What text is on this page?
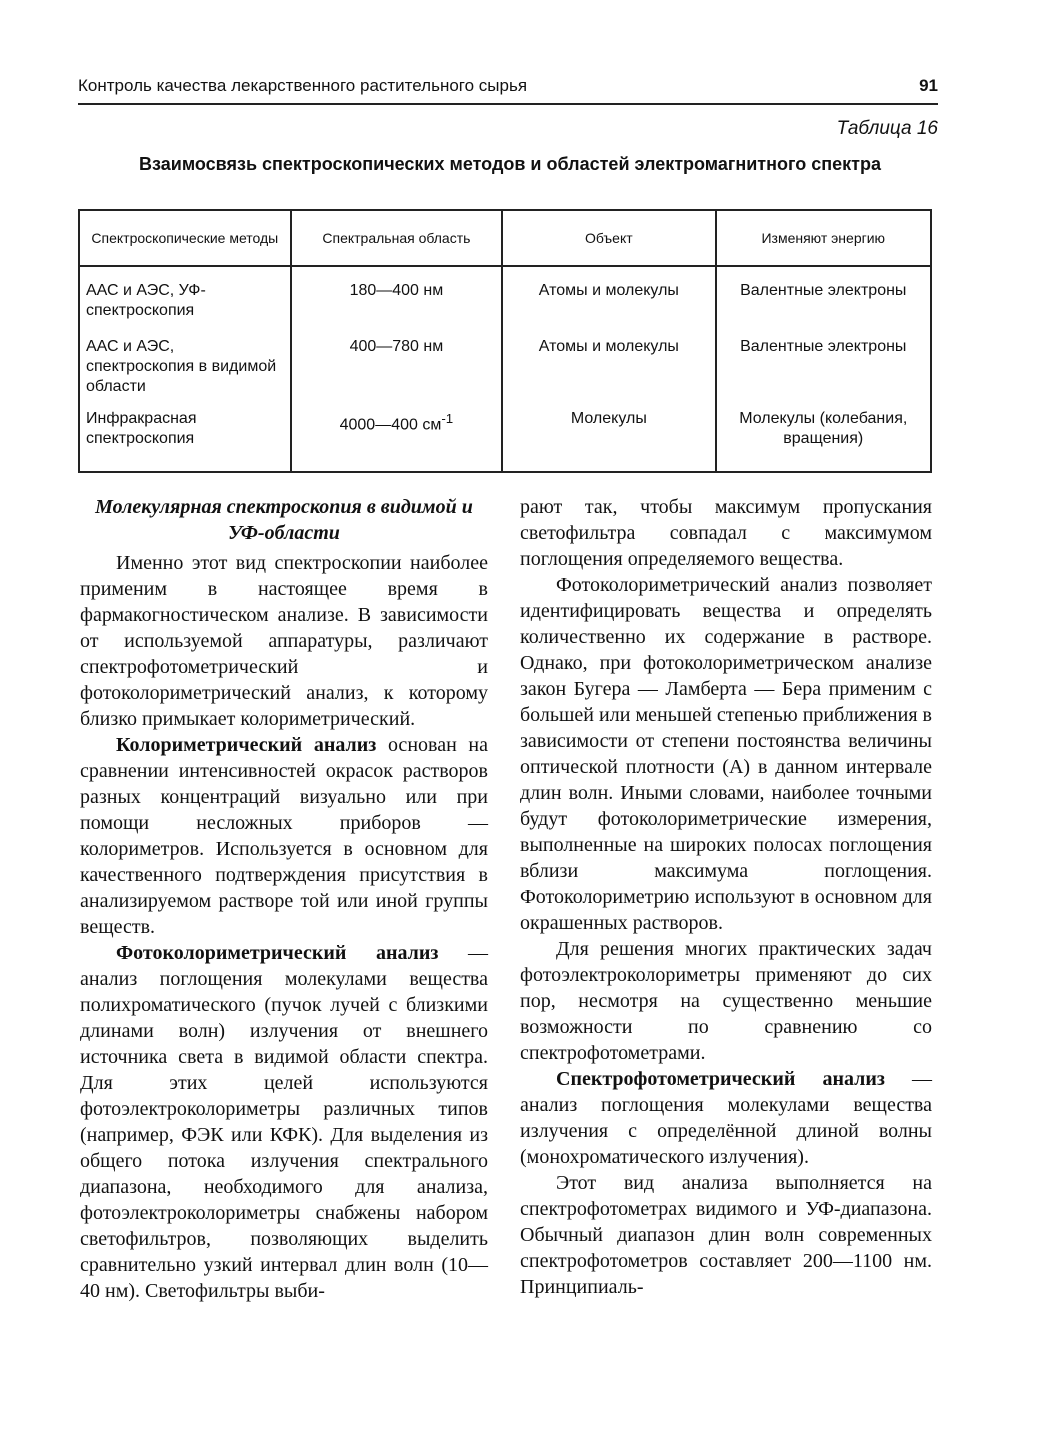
Контроль качества лекарственного растительного сырья	91
Таблица 16
Взаимосвязь спектроскопических методов и областей электромагнитного спектра
Спектроскопические методы	Спектральная область	Объект	Изменяют энергию
ААС и АЭС, УФ-спектроскопия	180—400 нм	Атомы и молекулы	Валентные электроны
ААС и АЭС, спектроскопия в видимой области	400—780 нм	Атомы и молекулы	Валентные электроны
Инфракрасная спектроскопия	4000—400 $см^{-1}$	Молекулы	Молекулы (колебания, вращения)
Молекулярная спектроскопия в видимой и УФ-области

Именно этот вид спектроскопии наиболее применим в настоящее время в фармакогностическом анализе. В зависимости от используемой аппаратуры, различают спектрофотометрический и фотоколориметрический анализ, к которому близко примыкает колориметрический.

Колориметрический анализ основан на сравнении интенсивностей окрасок растворов разных концентраций визуально или при помощи несложных приборов — колориметров. Используется в основном для качественного подтверждения присутствия в анализируемом растворе той или иной группы веществ.

Фотоколориметрический анализ — анализ поглощения молекулами вещества полихроматического (пучок лучей с близкими длинами волн) излучения от внешнего источника света в видимой области спектра. Для этих целей используются фотоэлектроколориметры различных типов (например, ФЭК или КФК). Для выделения из общего потока излучения спектрального диапазона, необходимого для анализа, фотоэлектроколориметры снабжены набором светофильтров, позволяющих выделить сравнительно узкий интервал длин волн (10—40 нм). Светофильтры выби-

рают так, чтобы максимум пропускания светофильтра совпадал с максимумом поглощения определяемого вещества.

Фотоколориметрический анализ позволяет идентифицировать вещества и определять количественно их содержание в растворе. Однако, при фотоколориметрическом анализе закон Бугера — Ламберта — Бера применим с большей или меньшей степенью приближения в зависимости от степени постоянства величины оптической плотности (А) в данном интервале длин волн. Иными словами, наиболее точными будут фотоколориметрические измерения, выполненные на широких полосах поглощения вблизи максимума поглощения. Фотоколориметрию используют в основном для окрашенных растворов.

Для решения многих практических задач фотоэлектроколориметры применяют до сих пор, несмотря на существенно меньшие возможности по сравнению со спектрофотометрами.

Спектрофотометрический анализ — анализ поглощения молекулами вещества излучения с определённой длиной волны (монохроматического излучения).

Этот вид анализа выполняется на спектрофотометрах видимого и УФ-диапазона. Обычный диапазон длин волн современных спектрофотометров составляет 200—1100 нм. Принципиаль-
